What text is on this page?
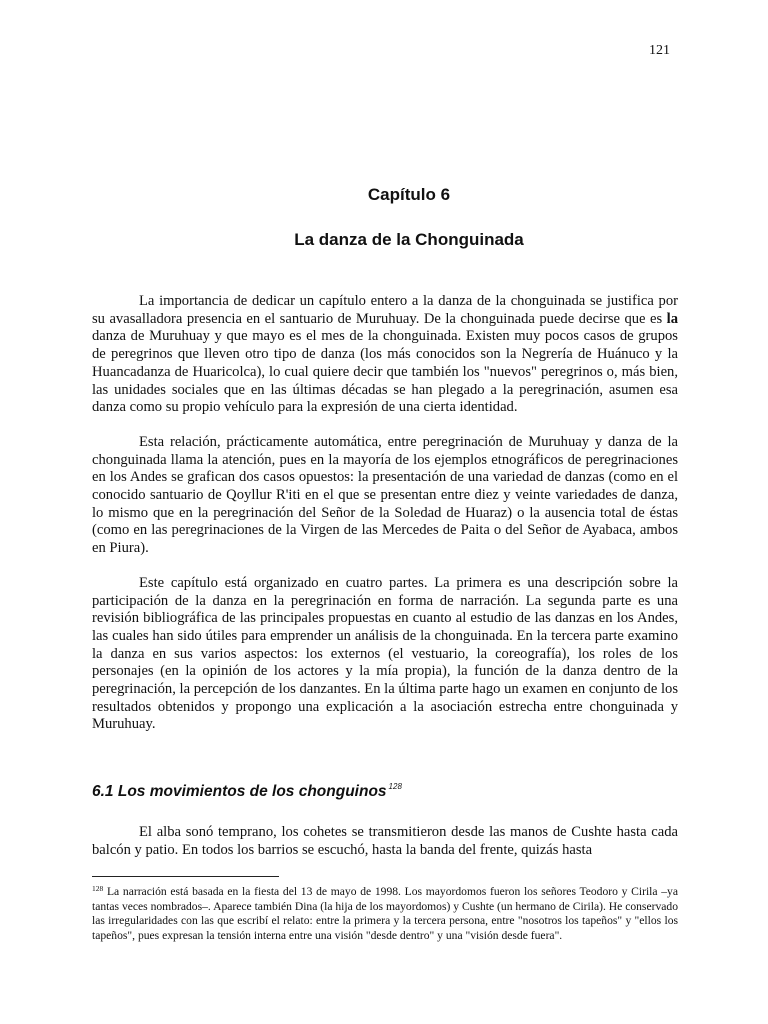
121
Capítulo 6
La danza de la Chonguinada

La importancia de dedicar un capítulo entero a la danza de la chonguinada se justifica por su avasalladora presencia en el santuario de Muruhuay. De la chonguinada puede decirse que es la danza de Muruhuay y que mayo es el mes de la chonguinada. Existen muy pocos casos de grupos de peregrinos que lleven otro tipo de danza (los más conocidos son la Negrería de Huánuco y la Huancadanza de Huaricolca), lo cual quiere decir que también los "nuevos" peregrinos o, más bien, las unidades sociales que en las últimas décadas se han plegado a la peregrinación, asumen esa danza como su propio vehículo para la expresión de una cierta identidad.

Esta relación, prácticamente automática, entre peregrinación de Muruhuay y danza de la chonguinada llama la atención, pues en la mayoría de los ejemplos etnográficos de peregrinaciones en los Andes se grafican dos casos opuestos: la presentación de una variedad de danzas (como en el conocido santuario de Qoyllur R'iti en el que se presentan entre diez y veinte variedades de danza, lo mismo que en la peregrinación del Señor de la Soledad de Huaraz) o la ausencia total de éstas (como en las peregrinaciones de la Virgen de las Mercedes de Paita o del Señor de Ayabaca, ambos en Piura).

Este capítulo está organizado en cuatro partes. La primera es una descripción sobre la participación de la danza en la peregrinación en forma de narración. La segunda parte es una revisión bibliográfica de las principales propuestas en cuanto al estudio de las danzas en los Andes, las cuales han sido útiles para emprender un análisis de la chonguinada. En la tercera parte examino la danza en sus varios aspectos: los externos (el vestuario, la coreografía), los roles de los personajes (en la opinión de los actores y la mía propia), la función de la danza dentro de la peregrinación, la percepción de los danzantes. En la última parte hago un examen en conjunto de los resultados obtenidos y propongo una explicación a la asociación estrecha entre chonguinada y Muruhuay.

6.1 Los movimientos de los chonguinos $^{128}$

El alba sonó temprano, los cohetes se transmitieron desde las manos de Cushte hasta cada balcón y patio. En todos los barrios se escuchó, hasta la banda del frente, quizás hasta

$^{128}$ La narración está basada en la fiesta del 13 de mayo de 1998. Los mayordomos fueron los señores Teodoro y Cirila –ya tantas veces nombrados–. Aparece también Dina (la hija de los mayordomos) y Cushte (un hermano de Cirila). He conservado las irregularidades con las que escribí el relato: entre la primera y la tercera persona, entre "nosotros los tapeños" y "ellos los tapeños", pues expresan la tensión interna entre una visión "desde dentro" y una "visión desde fuera".
